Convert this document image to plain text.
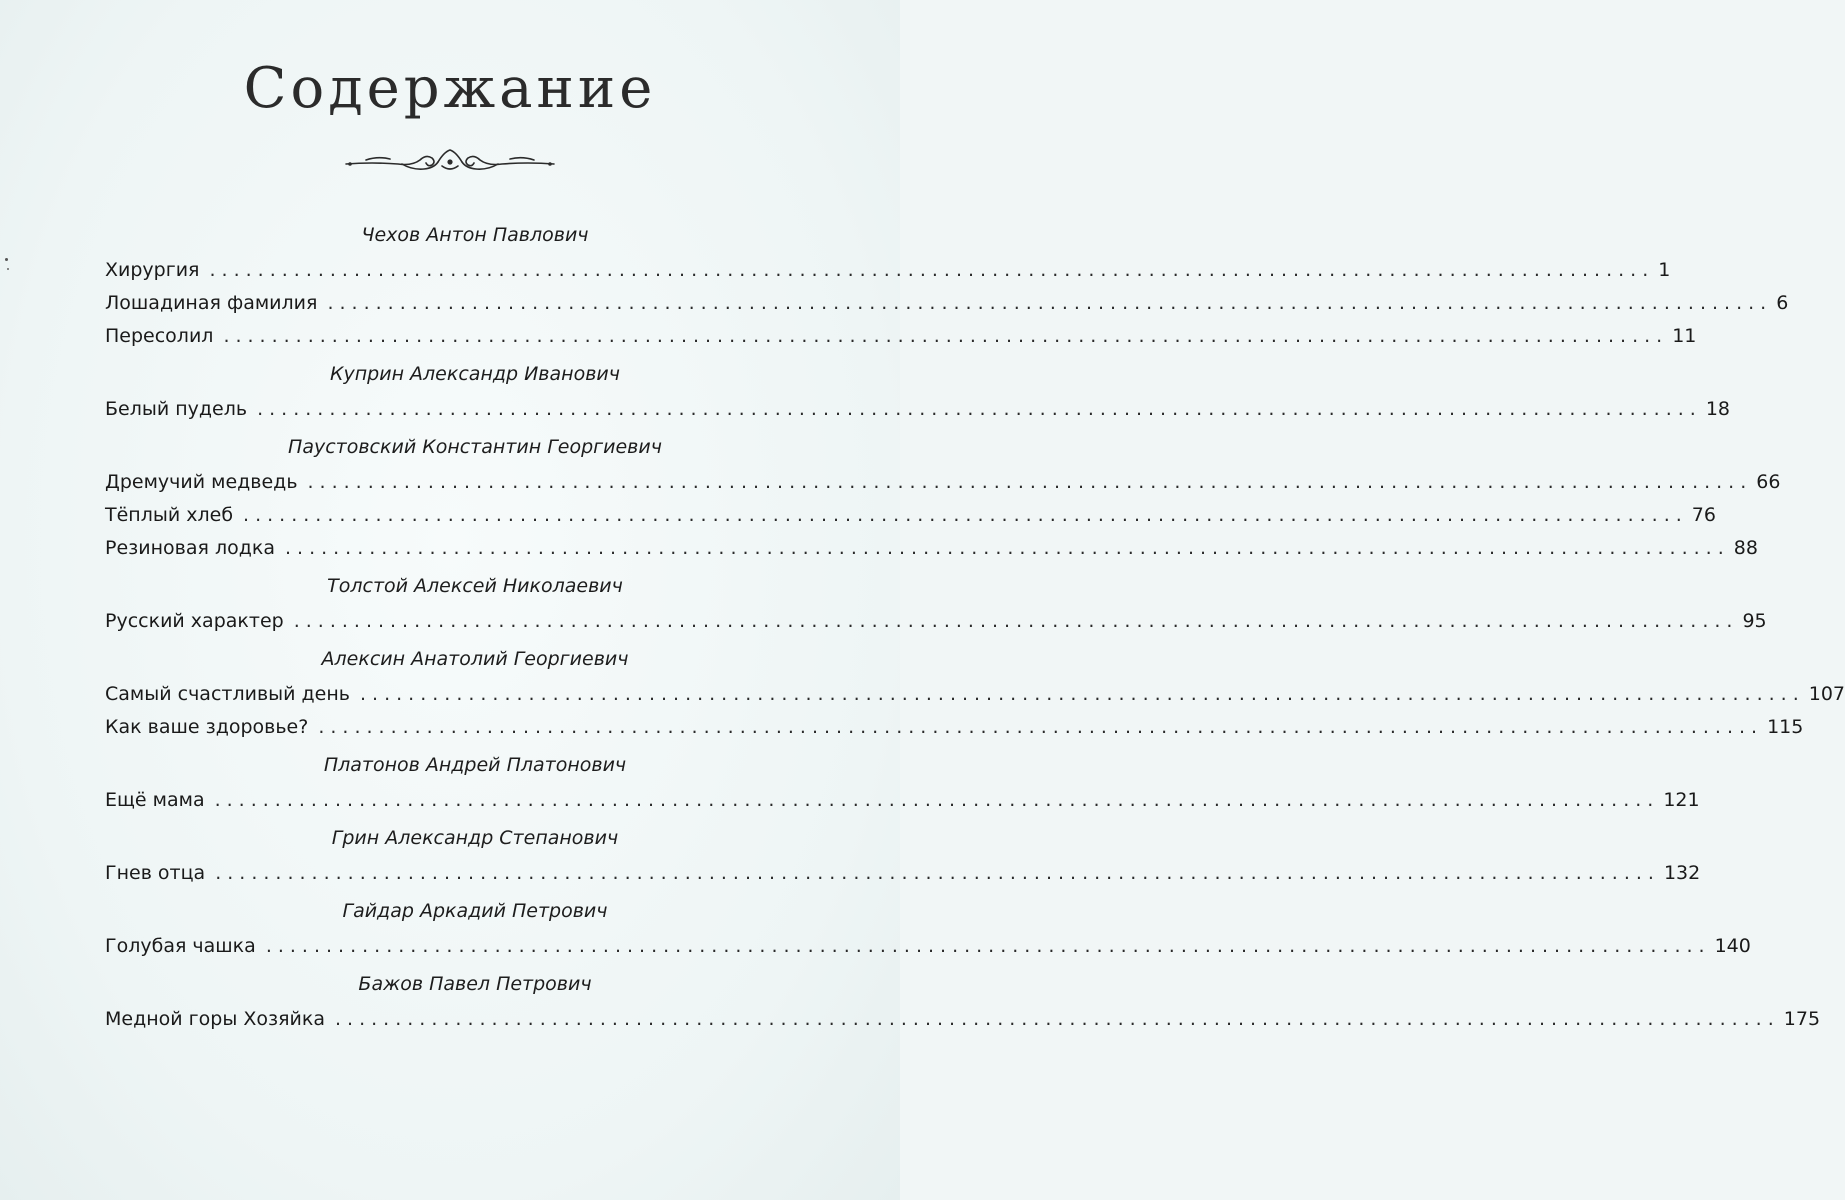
Содержание
Чехов Антон Павлович
Хирургия ........................................................................................................................ 1
Лошадиная фамилия ........................................................................................................................ 6
Пересолил ........................................................................................................................ 11
Куприн Александр Иванович
Белый пудель ........................................................................................................................ 18
Паустовский Константин Георгиевич
Дремучий медведь ........................................................................................................................ 66
Тёплый хлеб ........................................................................................................................ 76
Резиновая лодка ........................................................................................................................ 88
Толстой Алексей Николаевич
Русский характер ........................................................................................................................ 95
Алексин Анатолий Георгиевич
Самый счастливый день ........................................................................................................................ 107
Как ваше здоровье? ........................................................................................................................ 115
Платонов Андрей Платонович
Ещё мама ........................................................................................................................ 121
Грин Александр Степанович
Гнев отца ........................................................................................................................ 132
Гайдар Аркадий Петрович
Голубая чашка ........................................................................................................................ 140
Бажов Павел Петрович
Медной горы Хозяйка ........................................................................................................................ 175
